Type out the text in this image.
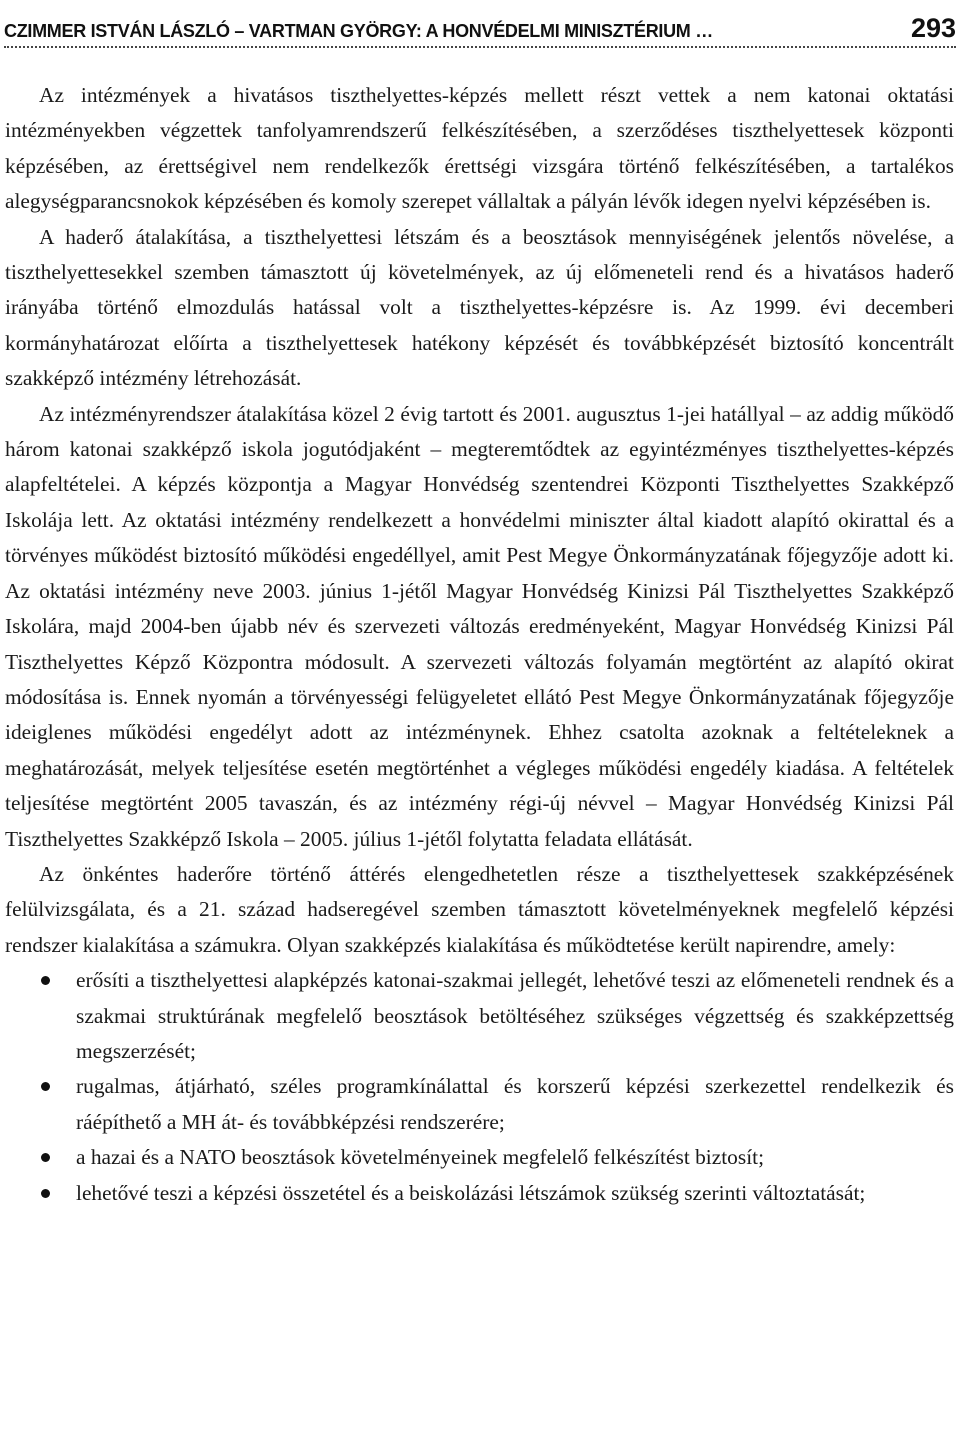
CZIMMER ISTVÁN LÁSZLÓ – VARTMAN GYÖRGY: A HONVÉDELMI MINISZTÉRIUM …	293

Az intézmények a hivatásos tiszthelyettes-képzés mellett részt vettek a nem katonai oktatási intézményekben végzettek tanfolyamrendszerű felkészítésében, a szerződéses tiszthelyettesek központi képzésében, az érettségivel nem rendelkezők érettségi vizsgára történő felkészítésében, a tartalékos alegységparancsnokok képzésében és komoly szerepet vállaltak a pályán lévők idegen nyelvi képzésében is.

A haderő átalakítása, a tiszthelyettesi létszám és a beosztások mennyiségének jelentős növelése, a tiszthelyettesekkel szemben támasztott új követelmények, az új előmeneteli rend és a hivatásos haderő irányába történő elmozdulás hatással volt a tiszthelyettes-képzésre is. Az 1999. évi decemberi kormányhatározat előírta a tiszthelyettesek hatékony képzését és továbbképzését biztosító koncentrált szakképző intézmény létrehozását.

Az intézményrendszer átalakítása közel 2 évig tartott és 2001. augusztus 1-jei hatállyal – az addig működő három katonai szakképző iskola jogutódjaként – megteremtődtek az egyintézményes tiszthelyettes-képzés alapfeltételei. A képzés központja a Magyar Honvédség szentendrei Központi Tiszthelyettes Szakképző Iskolája lett. Az oktatási intézmény rendelkezett a honvédelmi miniszter által kiadott alapító okirattal és a törvényes működést biztosító működési engedéllyel, amit Pest Megye Önkormányzatának főjegyzője adott ki. Az oktatási intézmény neve 2003. június 1-jétől Magyar Honvédség Kinizsi Pál Tiszthelyettes Szakképző Iskolára, majd 2004-ben újabb név és szervezeti változás eredményeként, Magyar Honvédség Kinizsi Pál Tiszthelyettes Képző Központra módosult. A szervezeti változás folyamán megtörtént az alapító okirat módosítása is. Ennek nyomán a törvényességi felügyeletet ellátó Pest Megye Önkormányzatának főjegyzője ideiglenes működési engedélyt adott az intézménynek. Ehhez csatolta azoknak a feltételeknek a meghatározását, melyek teljesítése esetén megtörténhet a végleges működési engedély kiadása. A feltételek teljesítése megtörtént 2005 tavaszán, és az intézmény régi-új névvel – Magyar Honvédség Kinizsi Pál Tiszthelyettes Szakképző Iskola – 2005. július 1-jétől folytatta feladata ellátását.

Az önkéntes haderőre történő áttérés elengedhetetlen része a tiszthelyettesek szakképzésének felülvizsgálata, és a 21. század hadseregével szemben támasztott követelményeknek megfelelő képzési rendszer kialakítása a számukra. Olyan szakképzés kialakítása és működtetése került napirendre, amely:

erősíti a tiszthelyettesi alapképzés katonai-szakmai jellegét, lehetővé teszi az előmeneteli rendnek és a szakmai struktúrának megfelelő beosztások betöltéséhez szükséges végzettség és szakképzettség megszerzését;
rugalmas, átjárható, széles programkínálattal és korszerű képzési szerkezettel rendelkezik és ráépíthető a MH át- és továbbképzési rendszerére;
a hazai és a NATO beosztások követelményeinek megfelelő felkészítést biztosít;
lehetővé teszi a képzési összetétel és a beiskolázási létszámok szükség szerinti változtatását;
